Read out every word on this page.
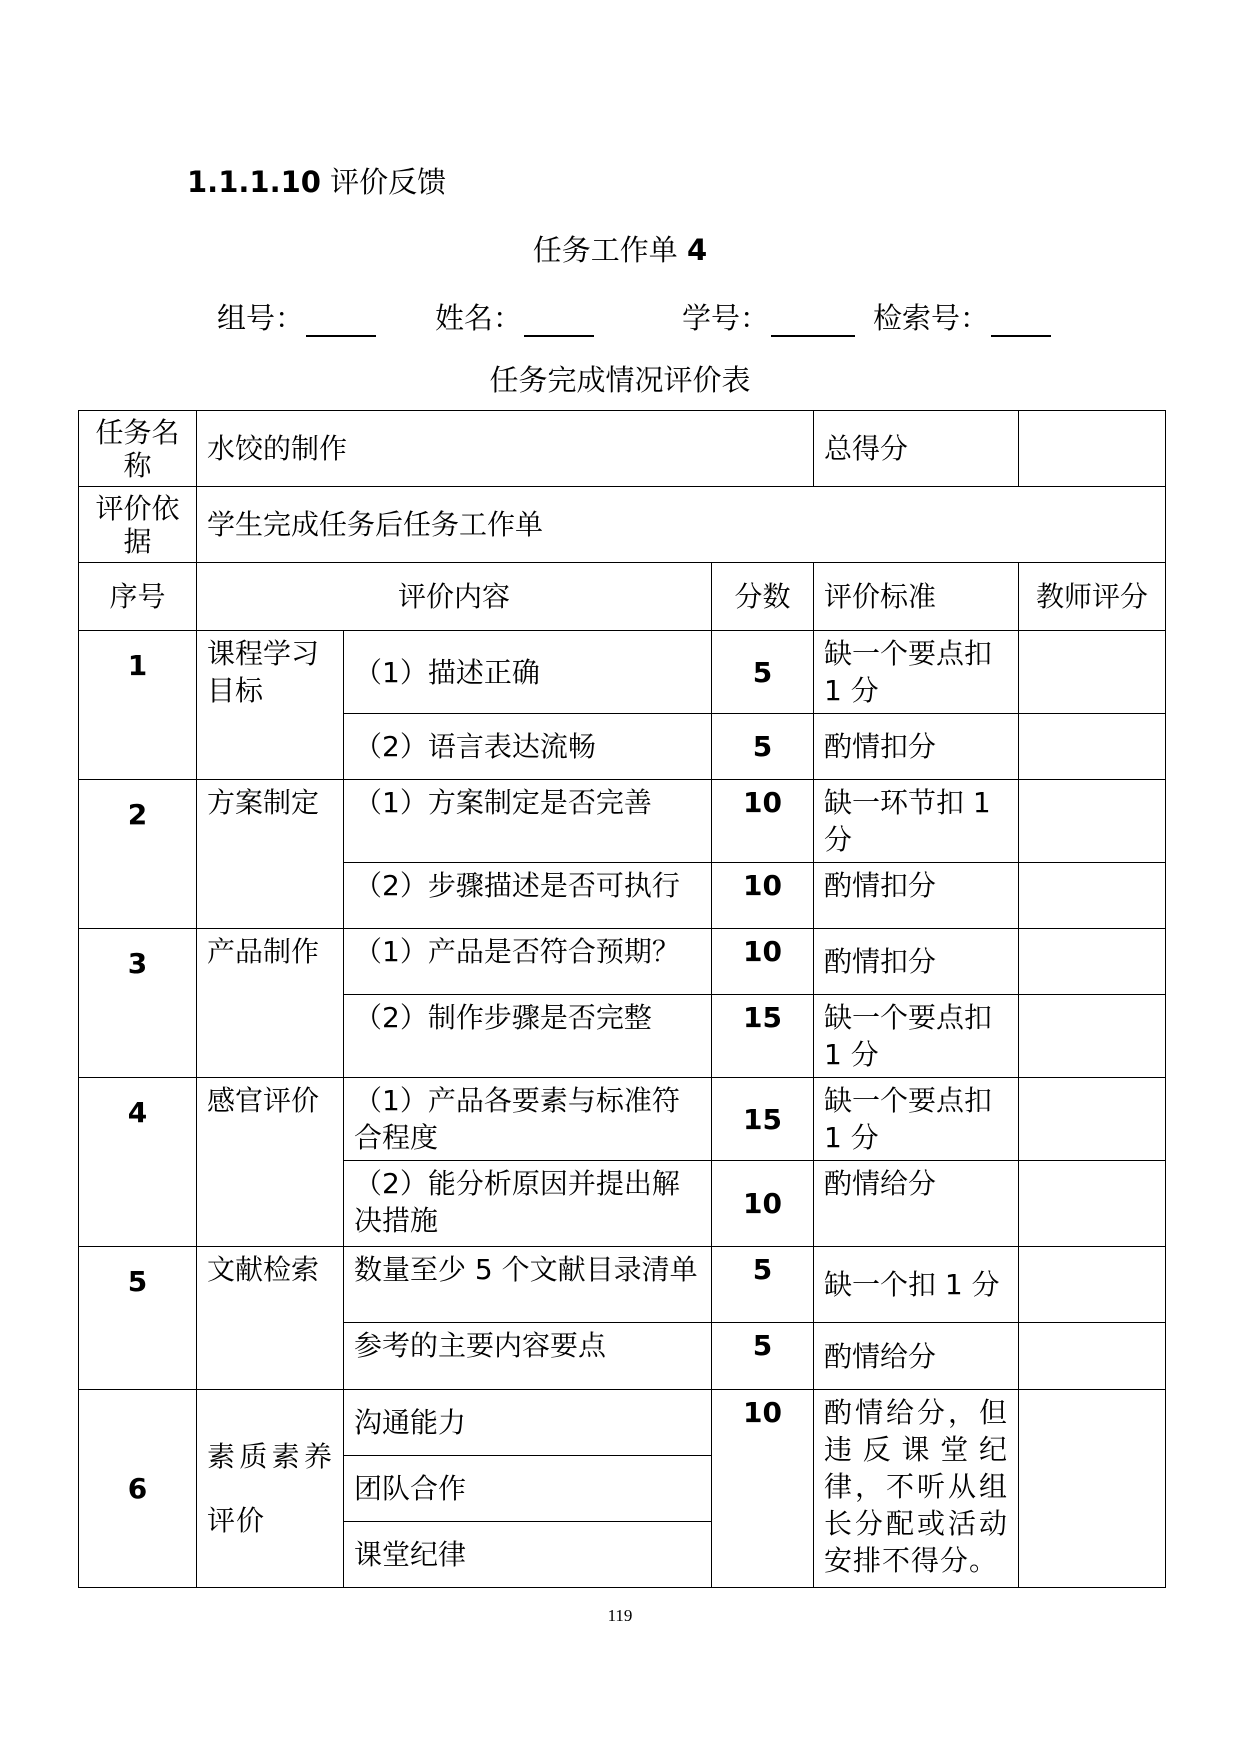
1.1.1.10 评价反馈
任务工作单 4
组号：	姓名：	学号：	检索号：
任务完成情况评价表
任务名称	水饺的制作			总得分	
评价依据	学生完成任务后任务工作单				
序号	评价内容		分数	评价标准	教师评分
1	课程学习目标	（1）描述正确	5	缺一个要点扣 1 分	
		（2）语言表达流畅	5	酌情扣分	
2	方案制定	（1）方案制定是否完善	10	缺一环节扣 1 分	
		（2）步骤描述是否可执行	10	酌情扣分	
3	产品制作	（1）产品是否符合预期？	10	酌情扣分	
		（2）制作步骤是否完整	15	缺一个要点扣 1 分	
4	感官评价	（1）产品各要素与标准符合程度	15	缺一个要点扣 1 分	
		（2）能分析原因并提出解决措施	10	酌情给分	
5	文献检索	数量至少 5 个文献目录清单	5	缺一个扣 1 分	
		参考的主要内容要点	5	酌情给分	
6	素质素养评价	沟通能力	10	酌情给分，但违反课堂纪律，不听从组长分配或活动安排不得分。	
		团队合作			
		课堂纪律			
119
